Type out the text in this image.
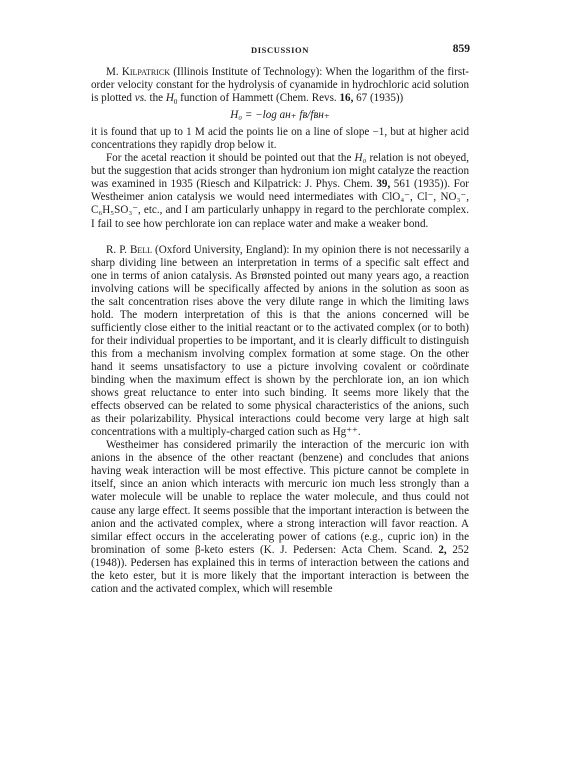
DISCUSSION	859

M. Kilpatrick (Illinois Institute of Technology): When the logarithm of the first-order velocity constant for the hydrolysis of cyanamide in hydrochloric acid solution is plotted vs. the $H_0$ function of Hammett (Chem. Revs. 16, 67 (1935))

H₀ = −log aʜ₊ fʙ/fʙʜ₊

it is found that up to 1 M acid the points lie on a line of slope −1, but at higher acid concentrations they rapidly drop below it.

For the acetal reaction it should be pointed out that the H₀ relation is not obeyed, but the suggestion that acids stronger than hydronium ion might catalyze the reaction was examined in 1935 (Riesch and Kilpatrick: J. Phys. Chem. 39, 561 (1935)). For Westheimer anion catalysis we would need intermediates with ClO₄⁻, Cl⁻, NO₃⁻, C₆H₅SO₃⁻, etc., and I am particularly unhappy in regard to the perchlorate complex. I fail to see how perchlorate ion can replace water and make a weaker bond.

R. P. Bell (Oxford University, England): In my opinion there is not necessarily a sharp dividing line between an interpretation in terms of a specific salt effect and one in terms of anion catalysis. As Brønsted pointed out many years ago, a reaction involving cations will be specifically affected by anions in the solution as soon as the salt concentration rises above the very dilute range in which the limiting laws hold. The modern interpretation of this is that the anions concerned will be sufficiently close either to the initial reactant or to the activated complex (or to both) for their individual properties to be important, and it is clearly difficult to distinguish this from a mechanism involving complex formation at some stage. On the other hand it seems unsatisfactory to use a picture involving covalent or coördinate binding when the maximum effect is shown by the perchlorate ion, an ion which shows great reluctance to enter into such binding. It seems more likely that the effects observed can be related to some physical characteristics of the anions, such as their polarizability. Physical interactions could become very large at high salt concentrations with a multiply-charged cation such as Hg⁺⁺.

Westheimer has considered primarily the interaction of the mercuric ion with anions in the absence of the other reactant (benzene) and concludes that anions having weak interaction will be most effective. This picture cannot be complete in itself, since an anion which interacts with mercuric ion much less strongly than a water molecule will be unable to replace the water molecule, and thus could not cause any large effect. It seems possible that the important interaction is between the anion and the activated complex, where a strong interaction will favor reaction. A similar effect occurs in the accelerating power of cations (e.g., cupric ion) in the bromination of some β-keto esters (K. J. Pedersen: Acta Chem. Scand. 2, 252 (1948)). Pedersen has explained this in terms of interaction between the cations and the keto ester, but it is more likely that the important interaction is between the cation and the activated complex, which will resemble
